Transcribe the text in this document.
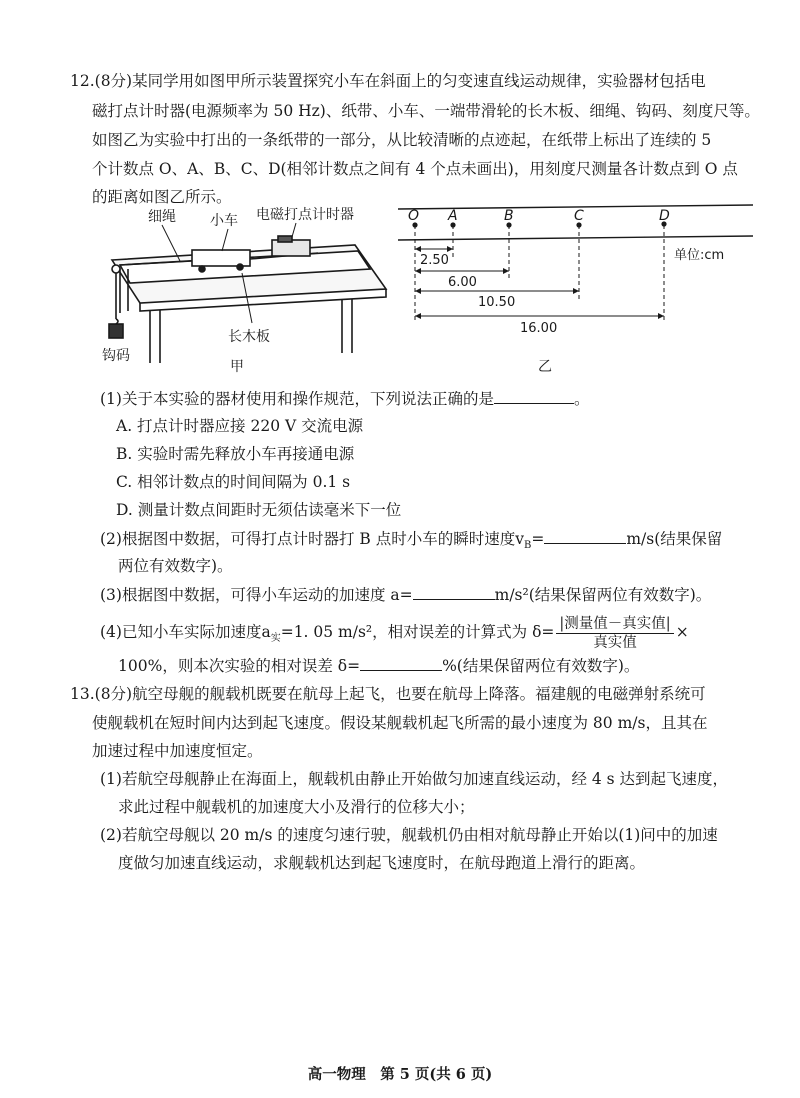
12.(8分)某同学用如图甲所示装置探究小车在斜面上的匀变速直线运动规律，实验器材包括电
磁打点计时器(电源频率为 50 Hz)、纸带、小车、一端带滑轮的长木板、细绳、钩码、刻度尺等。
如图乙为实验中打出的一条纸带的一部分，从比较清晰的点迹起，在纸带上标出了连续的 5
个计数点 O、A、B、C、D(相邻计数点之间有 4 个点未画出)，用刻度尺测量各计数点到 O 点
的距离如图乙所示。
细绳 小车 电磁打点计时器
长木板
钩码
甲
O A	B	C	D
单位:cm
2.50
6.00
10.50
16.00
乙
(1)关于本实验的器材使用和操作规范，下列说法正确的是	。
A. 打点计时器应接 220 V 交流电源
B. 实验时需先释放小车再接通电源
C. 相邻计数点的时间间隔为 0.1 s
D. 测量计数点间距时无须估读毫米下一位
(2)根据图中数据，可得打点计时器打 B 点时小车的瞬时速度$v_B=$	m/s(结果保留
两位有效数字)。
(3)根据图中数据，可得小车运动的加速度 a=	m/s²(结果保留两位有效数字)。
(4)已知小车实际加速度$a_实=1$. 05 m/s²，相对误差的计算式为 $\delta= \frac{\text{|测量值－真实值|}}{\text{真实值}}$ ×
100%，则本次实验的相对误差 δ=	%(结果保留两位有效数字)。
13.(8分)航空母舰的舰载机既要在航母上起飞，也要在航母上降落。福建舰的电磁弹射系统可
使舰载机在短时间内达到起飞速度。假设某舰载机起飞所需的最小速度为 80 m/s，且其在
加速过程中加速度恒定。
(1)若航空母舰静止在海面上，舰载机由静止开始做匀加速直线运动，经 4 s 达到起飞速度，
求此过程中舰载机的加速度大小及滑行的位移大小；
(2)若航空母舰以 20 m/s 的速度匀速行驶，舰载机仍由相对航母静止开始以(1)问中的加速
度做匀加速直线运动，求舰载机达到起飞速度时，在航母跑道上滑行的距离。
高一物理　第 5 页(共 6 页)
